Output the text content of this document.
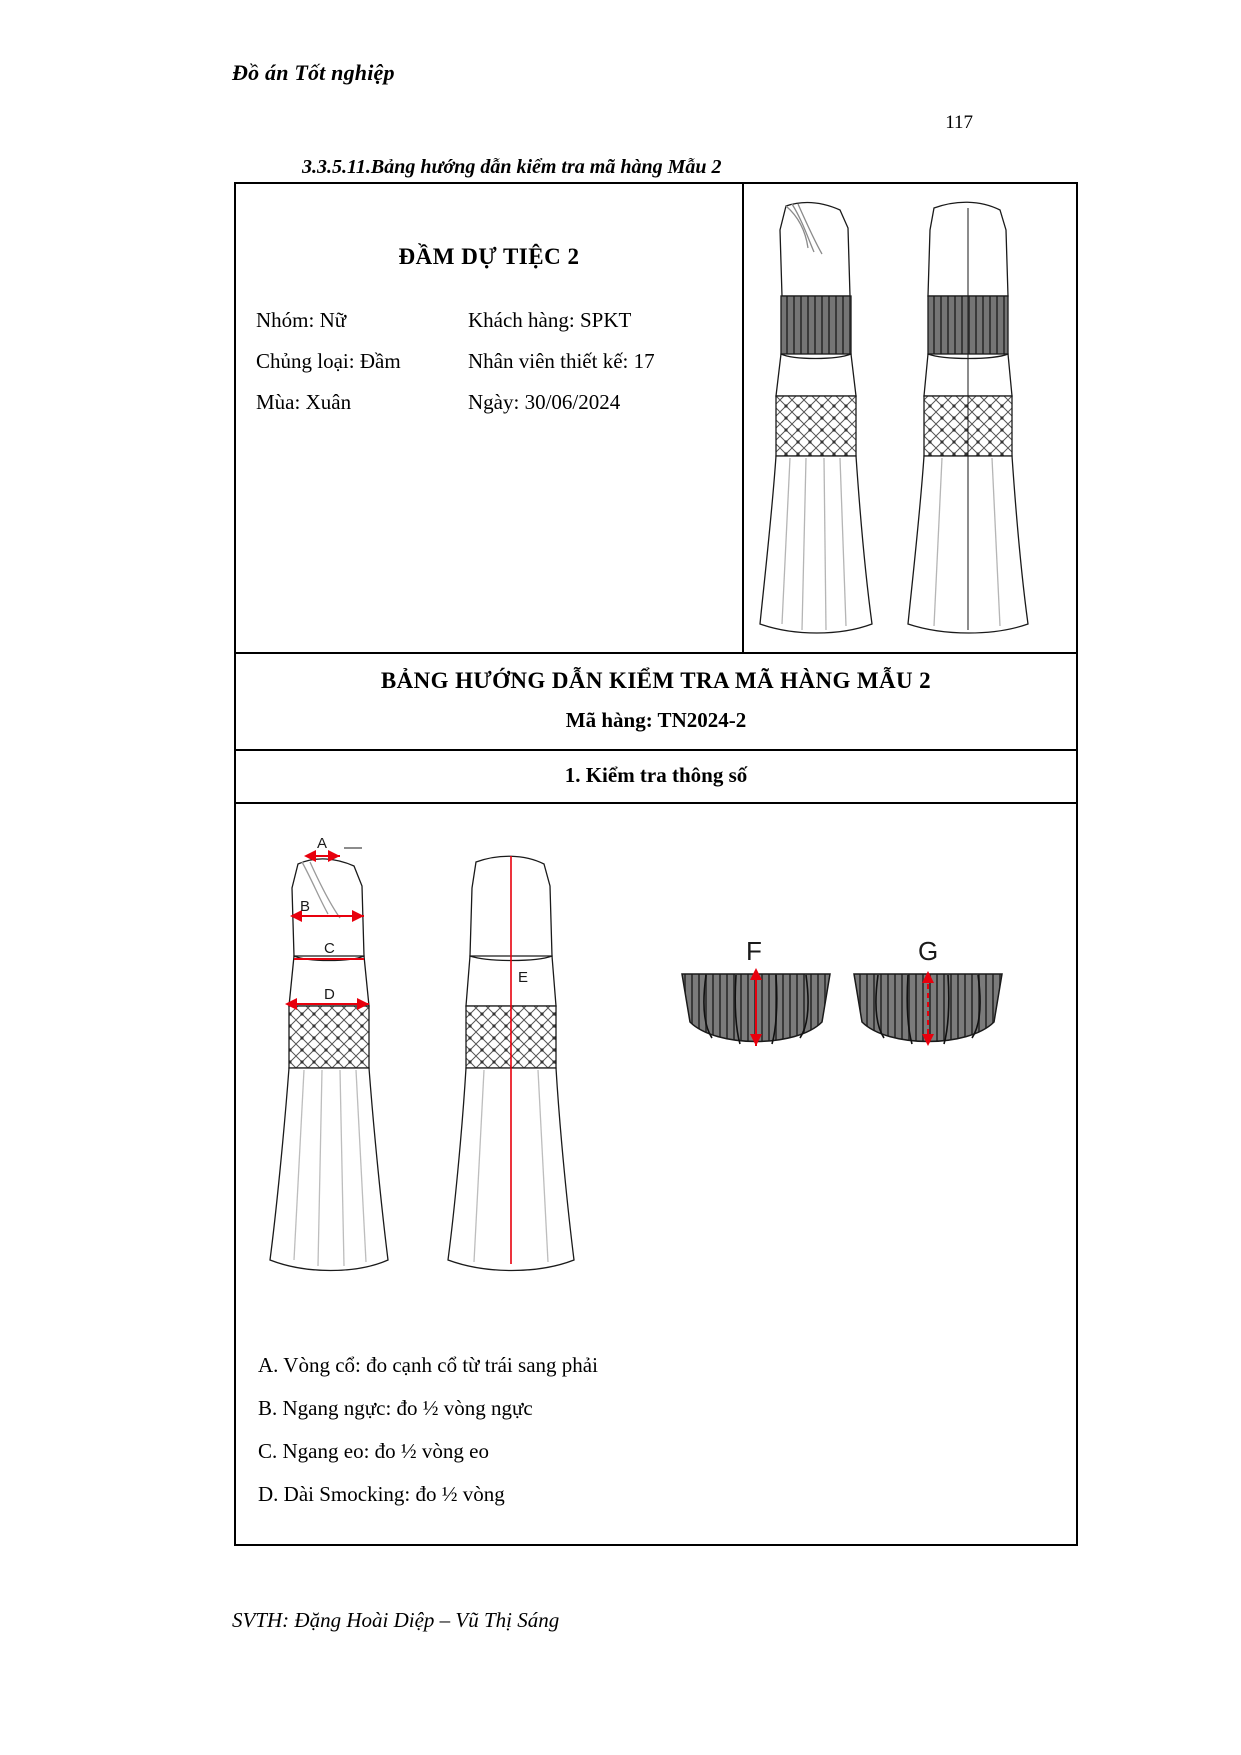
Đồ án Tốt nghiệp
117
3.3.5.11.Bảng hướng dẫn kiểm tra mã hàng Mẫu 2
ĐẦM DỰ TIỆC 2
Nhóm: Nữ	Khách hàng: SPKT
Chủng loại: Đầm	Nhân viên thiết kế: 17
Mùa: Xuân	Ngày: 30/06/2024
BẢNG HƯỚNG DẪN KIỂM TRA MÃ HÀNG MẪU 2
Mã hàng: TN2024-2
1. Kiểm tra thông số
A
B
C
D
E
F	G
A. Vòng cổ: đo cạnh cổ từ trái sang phải
B. Ngang ngực: đo ½ vòng ngực
C. Ngang eo: đo ½ vòng eo
D. Dài Smocking: đo ½ vòng
SVTH: Đặng Hoài Diệp – Vũ Thị Sáng
